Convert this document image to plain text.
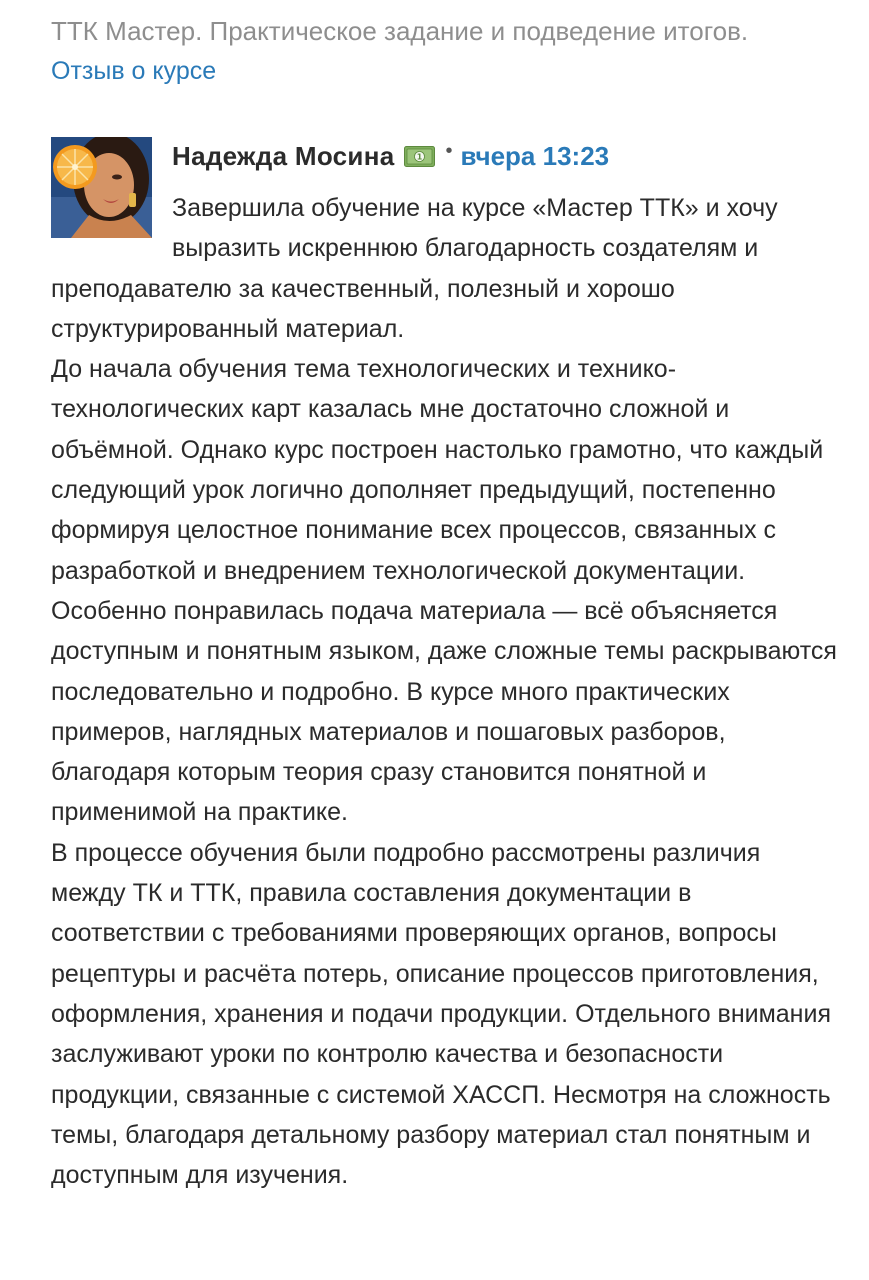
ТТК Мастер. Практическое задание и подведение итогов.
Отзыв о курсе
Надежда Мосина	1 • вчера 13:23

Завершила обучение на курсе «Мастер ТТК» и хочу

выразить искреннюю благодарность создателям и

преподавателю за качественный, полезный и хорошо структурированный материал.

До начала обучения тема технологических и технико-технологических карт казалась мне достаточно сложной и объёмной. Однако курс построен настолько грамотно, что каждый следующий урок логично дополняет предыдущий, постепенно формируя целостное понимание всех процессов, связанных с разработкой и внедрением технологической документации.

Особенно понравилась подача материала — всё объясняется доступным и понятным языком, даже сложные темы раскрываются последовательно и подробно. В курсе много практических примеров, наглядных материалов и пошаговых разборов, благодаря которым теория сразу становится понятной и применимой на практике.

В процессе обучения были подробно рассмотрены различия между ТК и ТТК, правила составления документации в соответствии с требованиями проверяющих органов, вопросы рецептуры и расчёта потерь, описание процессов приготовления, оформления, хранения и подачи продукции. Отдельного внимания заслуживают уроки по контролю качества и безопасности продукции, связанные с системой ХАССП. Несмотря на сложность темы, благодаря детальному разбору материал стал понятным и доступным для изучения.
